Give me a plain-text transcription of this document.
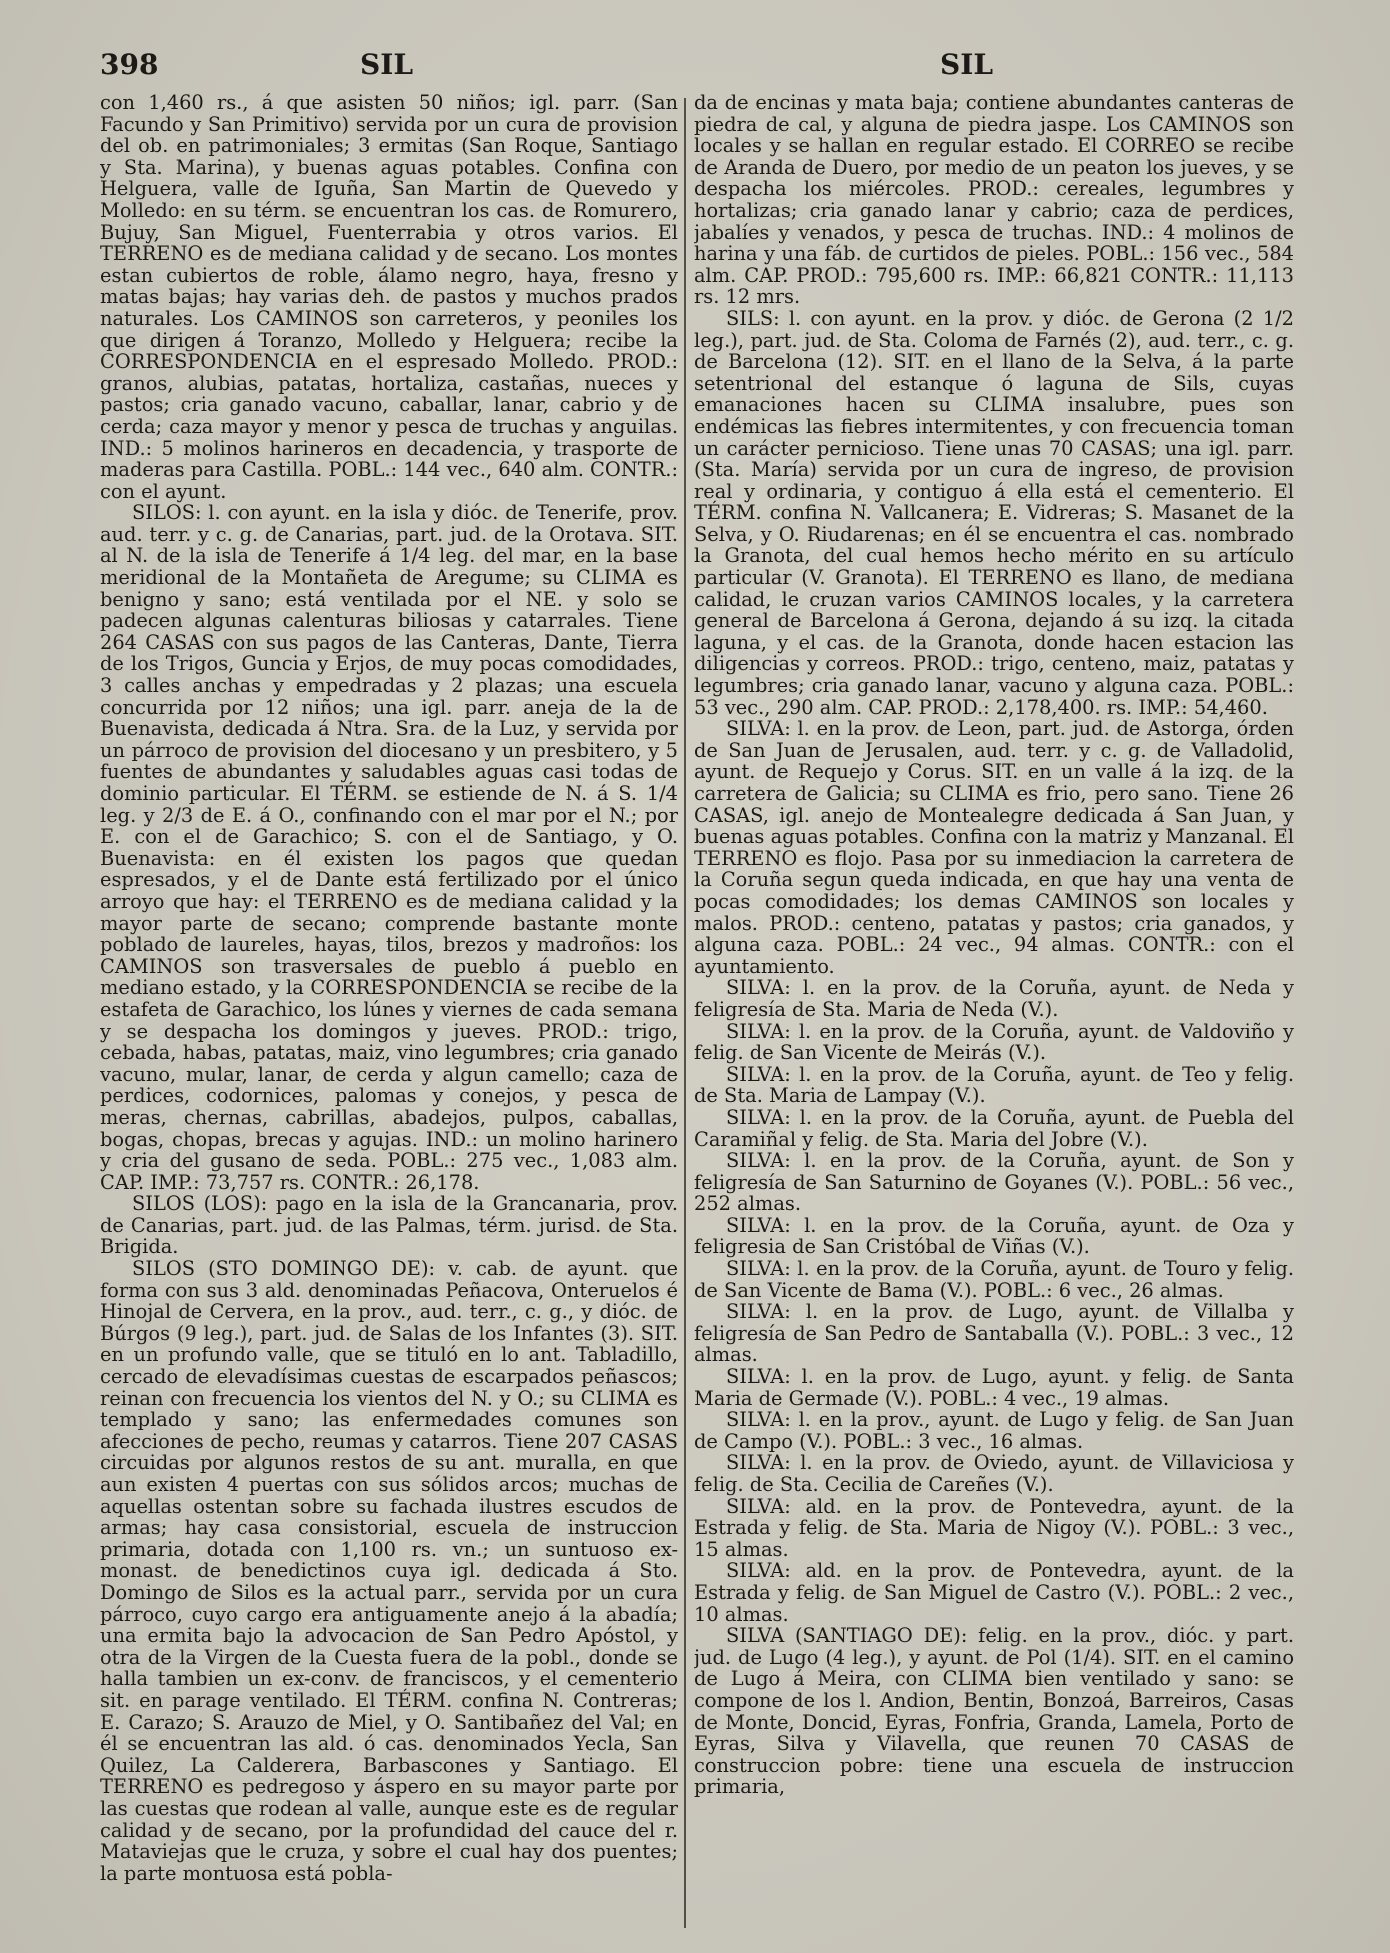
398	SIL	SIL

con 1,460 rs., á que asisten 50 niños; igl. parr. (San Facundo y San Primitivo) servida por un cura de provision del ob. en patrimoniales; 3 ermitas (San Roque, Santiago y Sta. Marina), y buenas aguas potables. Confina con Helguera, valle de Iguña, San Martin de Quevedo y Molledo: en su térm. se encuentran los cas. de Romurero, Bujuy, San Miguel, Fuenterrabia y otros varios. El TERRENO es de mediana calidad y de secano. Los montes estan cubiertos de roble, álamo negro, haya, fresno y matas bajas; hay varias deh. de pastos y muchos prados naturales. Los CAMINOS son carreteros, y peoniles los que dirigen á Toranzo, Molledo y Helguera; recibe la CORRESPONDENCIA en el espresado Molledo. PROD.: granos, alubias, patatas, hortaliza, castañas, nueces y pastos; cria ganado vacuno, caballar, lanar, cabrio y de cerda; caza mayor y menor y pesca de truchas y anguilas. IND.: 5 molinos harineros en decadencia, y trasporte de maderas para Castilla. POBL.: 144 vec., 640 alm. CONTR.: con el ayunt.

SILOS: l. con ayunt. en la isla y dióc. de Tenerife, prov. aud. terr. y c. g. de Canarias, part. jud. de la Orotava. SIT. al N. de la isla de Tenerife á 1/4 leg. del mar, en la base meridional de la Montañeta de Aregume; su CLIMA es benigno y sano; está ventilada por el NE. y solo se padecen algunas calenturas biliosas y catarrales. Tiene 264 CASAS con sus pagos de las Canteras, Dante, Tierra de los Trigos, Guncia y Erjos, de muy pocas comodidades, 3 calles anchas y empedradas y 2 plazas; una escuela concurrida por 12 niños; una igl. parr. aneja de la de Buenavista, dedicada á Ntra. Sra. de la Luz, y servida por un párroco de provision del diocesano y un presbitero, y 5 fuentes de abundantes y saludables aguas casi todas de dominio particular. El TÉRM. se estiende de N. á S. 1/4 leg. y 2/3 de E. á O., confinando con el mar por el N.; por E. con el de Garachico; S. con el de Santiago, y O. Buenavista: en él existen los pagos que quedan espresados, y el de Dante está fertilizado por el único arroyo que hay: el TERRENO es de mediana calidad y la mayor parte de secano; comprende bastante monte poblado de laureles, hayas, tilos, brezos y madroños: los CAMINOS son trasversales de pueblo á pueblo en mediano estado, y la CORRESPONDENCIA se recibe de la estafeta de Garachico, los lúnes y viernes de cada semana y se despacha los domingos y jueves. PROD.: trigo, cebada, habas, patatas, maiz, vino legumbres; cria ganado vacuno, mular, lanar, de cerda y algun camello; caza de perdices, codornices, palomas y conejos, y pesca de meras, chernas, cabrillas, abadejos, pulpos, caballas, bogas, chopas, brecas y agujas. IND.: un molino harinero y cria del gusano de seda. POBL.: 275 vec., 1,083 alm. CAP. IMP.: 73,757 rs. CONTR.: 26,178.

SILOS (LOS): pago en la isla de la Grancanaria, prov. de Canarias, part. jud. de las Palmas, térm. jurisd. de Sta. Brigida.

SILOS (STO DOMINGO DE): v. cab. de ayunt. que forma con sus 3 ald. denominadas Peñacova, Onteruelos é Hinojal de Cervera, en la prov., aud. terr., c. g., y dióc. de Búrgos (9 leg.), part. jud. de Salas de los Infantes (3). SIT. en un profundo valle, que se tituló en lo ant. Tabladillo, cercado de elevadísimas cuestas de escarpados peñascos; reinan con frecuencia los vientos del N. y O.; su CLIMA es templado y sano; las enfermedades comunes son afecciones de pecho, reumas y catarros. Tiene 207 CASAS circuidas por algunos restos de su ant. muralla, en que aun existen 4 puertas con sus sólidos arcos; muchas de aquellas ostentan sobre su fachada ilustres escudos de armas; hay casa consistorial, escuela de instruccion primaria, dotada con 1,100 rs. vn.; un suntuoso ex-monast. de benedictinos cuya igl. dedicada á Sto. Domingo de Silos es la actual parr., servida por un cura párroco, cuyo cargo era antiguamente anejo á la abadía; una ermita bajo la advocacion de San Pedro Apóstol, y otra de la Virgen de la Cuesta fuera de la pobl., donde se halla tambien un ex-conv. de franciscos, y el cementerio sit. en parage ventilado. El TÉRM. confina N. Contreras; E. Carazo; S. Arauzo de Miel, y O. Santibañez del Val; en él se encuentran las ald. ó cas. denominados Yecla, San Quilez, La Calderera, Barbascones y Santiago. El TERRENO es pedregoso y áspero en su mayor parte por las cuestas que rodean al valle, aunque este es de regular calidad y de secano, por la profundidad del cauce del r. Mataviejas que le cruza, y sobre el cual hay dos puentes; la parte montuosa está pobla-

da de encinas y mata baja; contiene abundantes canteras de piedra de cal, y alguna de piedra jaspe. Los CAMINOS son locales y se hallan en regular estado. El CORREO se recibe de Aranda de Duero, por medio de un peaton los jueves, y se despacha los miércoles. PROD.: cereales, legumbres y hortalizas; cria ganado lanar y cabrio; caza de perdices, jabalíes y venados, y pesca de truchas. IND.: 4 molinos de harina y una fáb. de curtidos de pieles. POBL.: 156 vec., 584 alm. CAP. PROD.: 795,600 rs. IMP.: 66,821 CONTR.: 11,113 rs. 12 mrs.

SILS: l. con ayunt. en la prov. y dióc. de Gerona (2 1/2 leg.), part. jud. de Sta. Coloma de Farnés (2), aud. terr., c. g. de Barcelona (12). SIT. en el llano de la Selva, á la parte setentrional del estanque ó laguna de Sils, cuyas emanaciones hacen su CLIMA insalubre, pues son endémicas las fiebres intermitentes, y con frecuencia toman un carácter pernicioso. Tiene unas 70 CASAS; una igl. parr. (Sta. María) servida por un cura de ingreso, de provision real y ordinaria, y contiguo á ella está el cementerio. El TÉRM. confina N. Vallcanera; E. Vidreras; S. Masanet de la Selva, y O. Riudarenas; en él se encuentra el cas. nombrado la Granota, del cual hemos hecho mérito en su artículo particular (V. Granota). El TERRENO es llano, de mediana calidad, le cruzan varios CAMINOS locales, y la carretera general de Barcelona á Gerona, dejando á su izq. la citada laguna, y el cas. de la Granota, donde hacen estacion las diligencias y correos. PROD.: trigo, centeno, maiz, patatas y legumbres; cria ganado lanar, vacuno y alguna caza. POBL.: 53 vec., 290 alm. CAP. PROD.: 2,178,400. rs. IMP.: 54,460.

SILVA: l. en la prov. de Leon, part. jud. de Astorga, órden de San Juan de Jerusalen, aud. terr. y c. g. de Valladolid, ayunt. de Requejo y Corus. SIT. en un valle á la izq. de la carretera de Galicia; su CLIMA es frio, pero sano. Tiene 26 CASAS, igl. anejo de Montealegre dedicada á San Juan, y buenas aguas potables. Confina con la matriz y Manzanal. El TERRENO es flojo. Pasa por su inmediacion la carretera de la Coruña segun queda indicada, en que hay una venta de pocas comodidades; los demas CAMINOS son locales y malos. PROD.: centeno, patatas y pastos; cria ganados, y alguna caza. POBL.: 24 vec., 94 almas. CONTR.: con el ayuntamiento.

SILVA: l. en la prov. de la Coruña, ayunt. de Neda y feligresía de Sta. Maria de Neda (V.).

SILVA: l. en la prov. de la Coruña, ayunt. de Valdoviño y felig. de San Vicente de Meirás (V.).

SILVA: l. en la prov. de la Coruña, ayunt. de Teo y felig. de Sta. Maria de Lampay (V.).

SILVA: l. en la prov. de la Coruña, ayunt. de Puebla del Caramiñal y felig. de Sta. Maria del Jobre (V.).

SILVA: l. en la prov. de la Coruña, ayunt. de Son y feligresía de San Saturnino de Goyanes (V.). POBL.: 56 vec., 252 almas.

SILVA: l. en la prov. de la Coruña, ayunt. de Oza y feligresia de San Cristóbal de Viñas (V.).

SILVA: l. en la prov. de la Coruña, ayunt. de Touro y felig. de San Vicente de Bama (V.). POBL.: 6 vec., 26 almas.

SILVA: l. en la prov. de Lugo, ayunt. de Villalba y feligresía de San Pedro de Santaballa (V.). POBL.: 3 vec., 12 almas.

SILVA: l. en la prov. de Lugo, ayunt. y felig. de Santa Maria de Germade (V.). POBL.: 4 vec., 19 almas.

SILVA: l. en la prov., ayunt. de Lugo y felig. de San Juan de Campo (V.). POBL.: 3 vec., 16 almas.

SILVA: l. en la prov. de Oviedo, ayunt. de Villaviciosa y felig. de Sta. Cecilia de Careñes (V.).

SILVA: ald. en la prov. de Pontevedra, ayunt. de la Estrada y felig. de Sta. Maria de Nigoy (V.). POBL.: 3 vec., 15 almas.

SILVA: ald. en la prov. de Pontevedra, ayunt. de la Estrada y felig. de San Miguel de Castro (V.). POBL.: 2 vec., 10 almas.

SILVA (SANTIAGO DE): felig. en la prov., dióc. y part. jud. de Lugo (4 leg.), y ayunt. de Pol (1/4). SIT. en el camino de Lugo á Meira, con CLIMA bien ventilado y sano: se compone de los l. Andion, Bentin, Bonzoá, Barreiros, Casas de Monte, Doncid, Eyras, Fonfria, Granda, Lamela, Porto de Eyras, Silva y Vilavella, que reunen 70 CASAS de construccion pobre: tiene una escuela de instruccion primaria,
